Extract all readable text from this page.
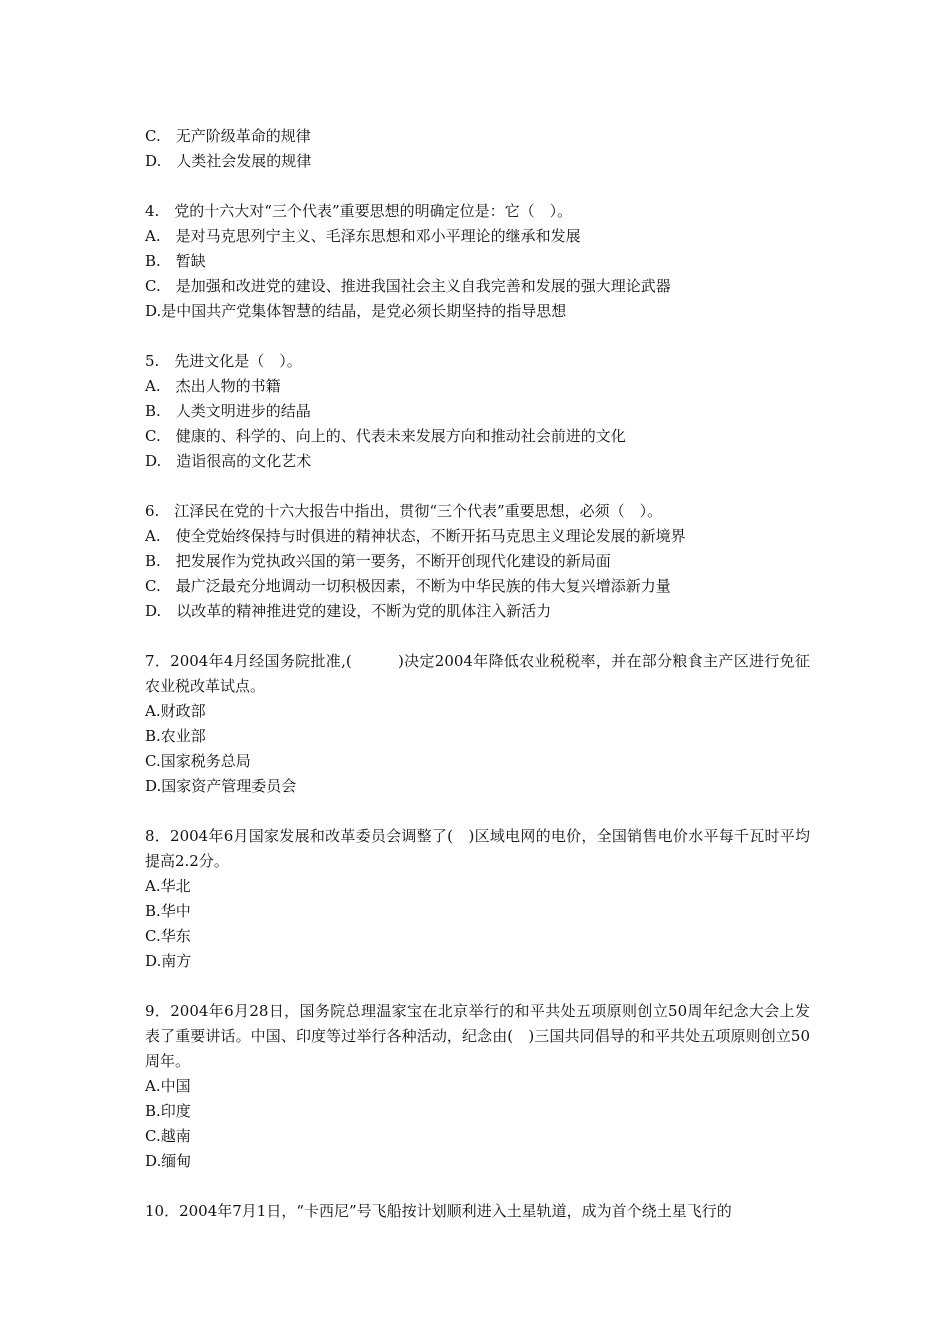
C.　无产阶级革命的规律
D.　人类社会发展的规律
4.　党的十六大对“三个代表”重要思想的明确定位是：它（　）。
A.　是对马克思列宁主义、毛泽东思想和邓小平理论的继承和发展
B.　暂缺
C.　是加强和改进党的建设、推进我国社会主义自我完善和发展的强大理论武器
D.是中国共产党集体智慧的结晶，是党必须长期坚持的指导思想
5.　先进文化是（　）。
A.　杰出人物的书籍
B.　人类文明进步的结晶
C.　健康的、科学的、向上的、代表未来发展方向和推动社会前进的文化
D.　造诣很高的文化艺术
6.　江泽民在党的十六大报告中指出，贯彻“三个代表”重要思想，必须（　）。
A.　使全党始终保持与时俱进的精神状态，不断开拓马克思主义理论发展的新境界
B.　把发展作为党执政兴国的第一要务，不断开创现代化建设的新局面
C.　最广泛最充分地调动一切积极因素，不断为中华民族的伟大复兴增添新力量
D.　以改革的精神推进党的建设，不断为党的肌体注入新活力
7．2004年4月经国务院批准,(　　　)决定2004年降低农业税税率，并在部分粮食主产区进行免征农业税改革试点。
A.财政部
B.农业部
C.国家税务总局
D.国家资产管理委员会
8．2004年6月国家发展和改革委员会调整了(　)区域电网的电价，全国销售电价水平每千瓦时平均提高2.2分。
A.华北
B.华中
C.华东
D.南方
9．2004年6月28日，国务院总理温家宝在北京举行的和平共处五项原则创立50周年纪念大会上发表了重要讲话。中国、印度等过举行各种活动，纪念由(　)三国共同倡导的和平共处五项原则创立50周年。
A.中国
B.印度
C.越南
D.缅甸
10．2004年7月1日，“卡西尼”号飞船按计划顺利进入土星轨道，成为首个绕土星飞行的
